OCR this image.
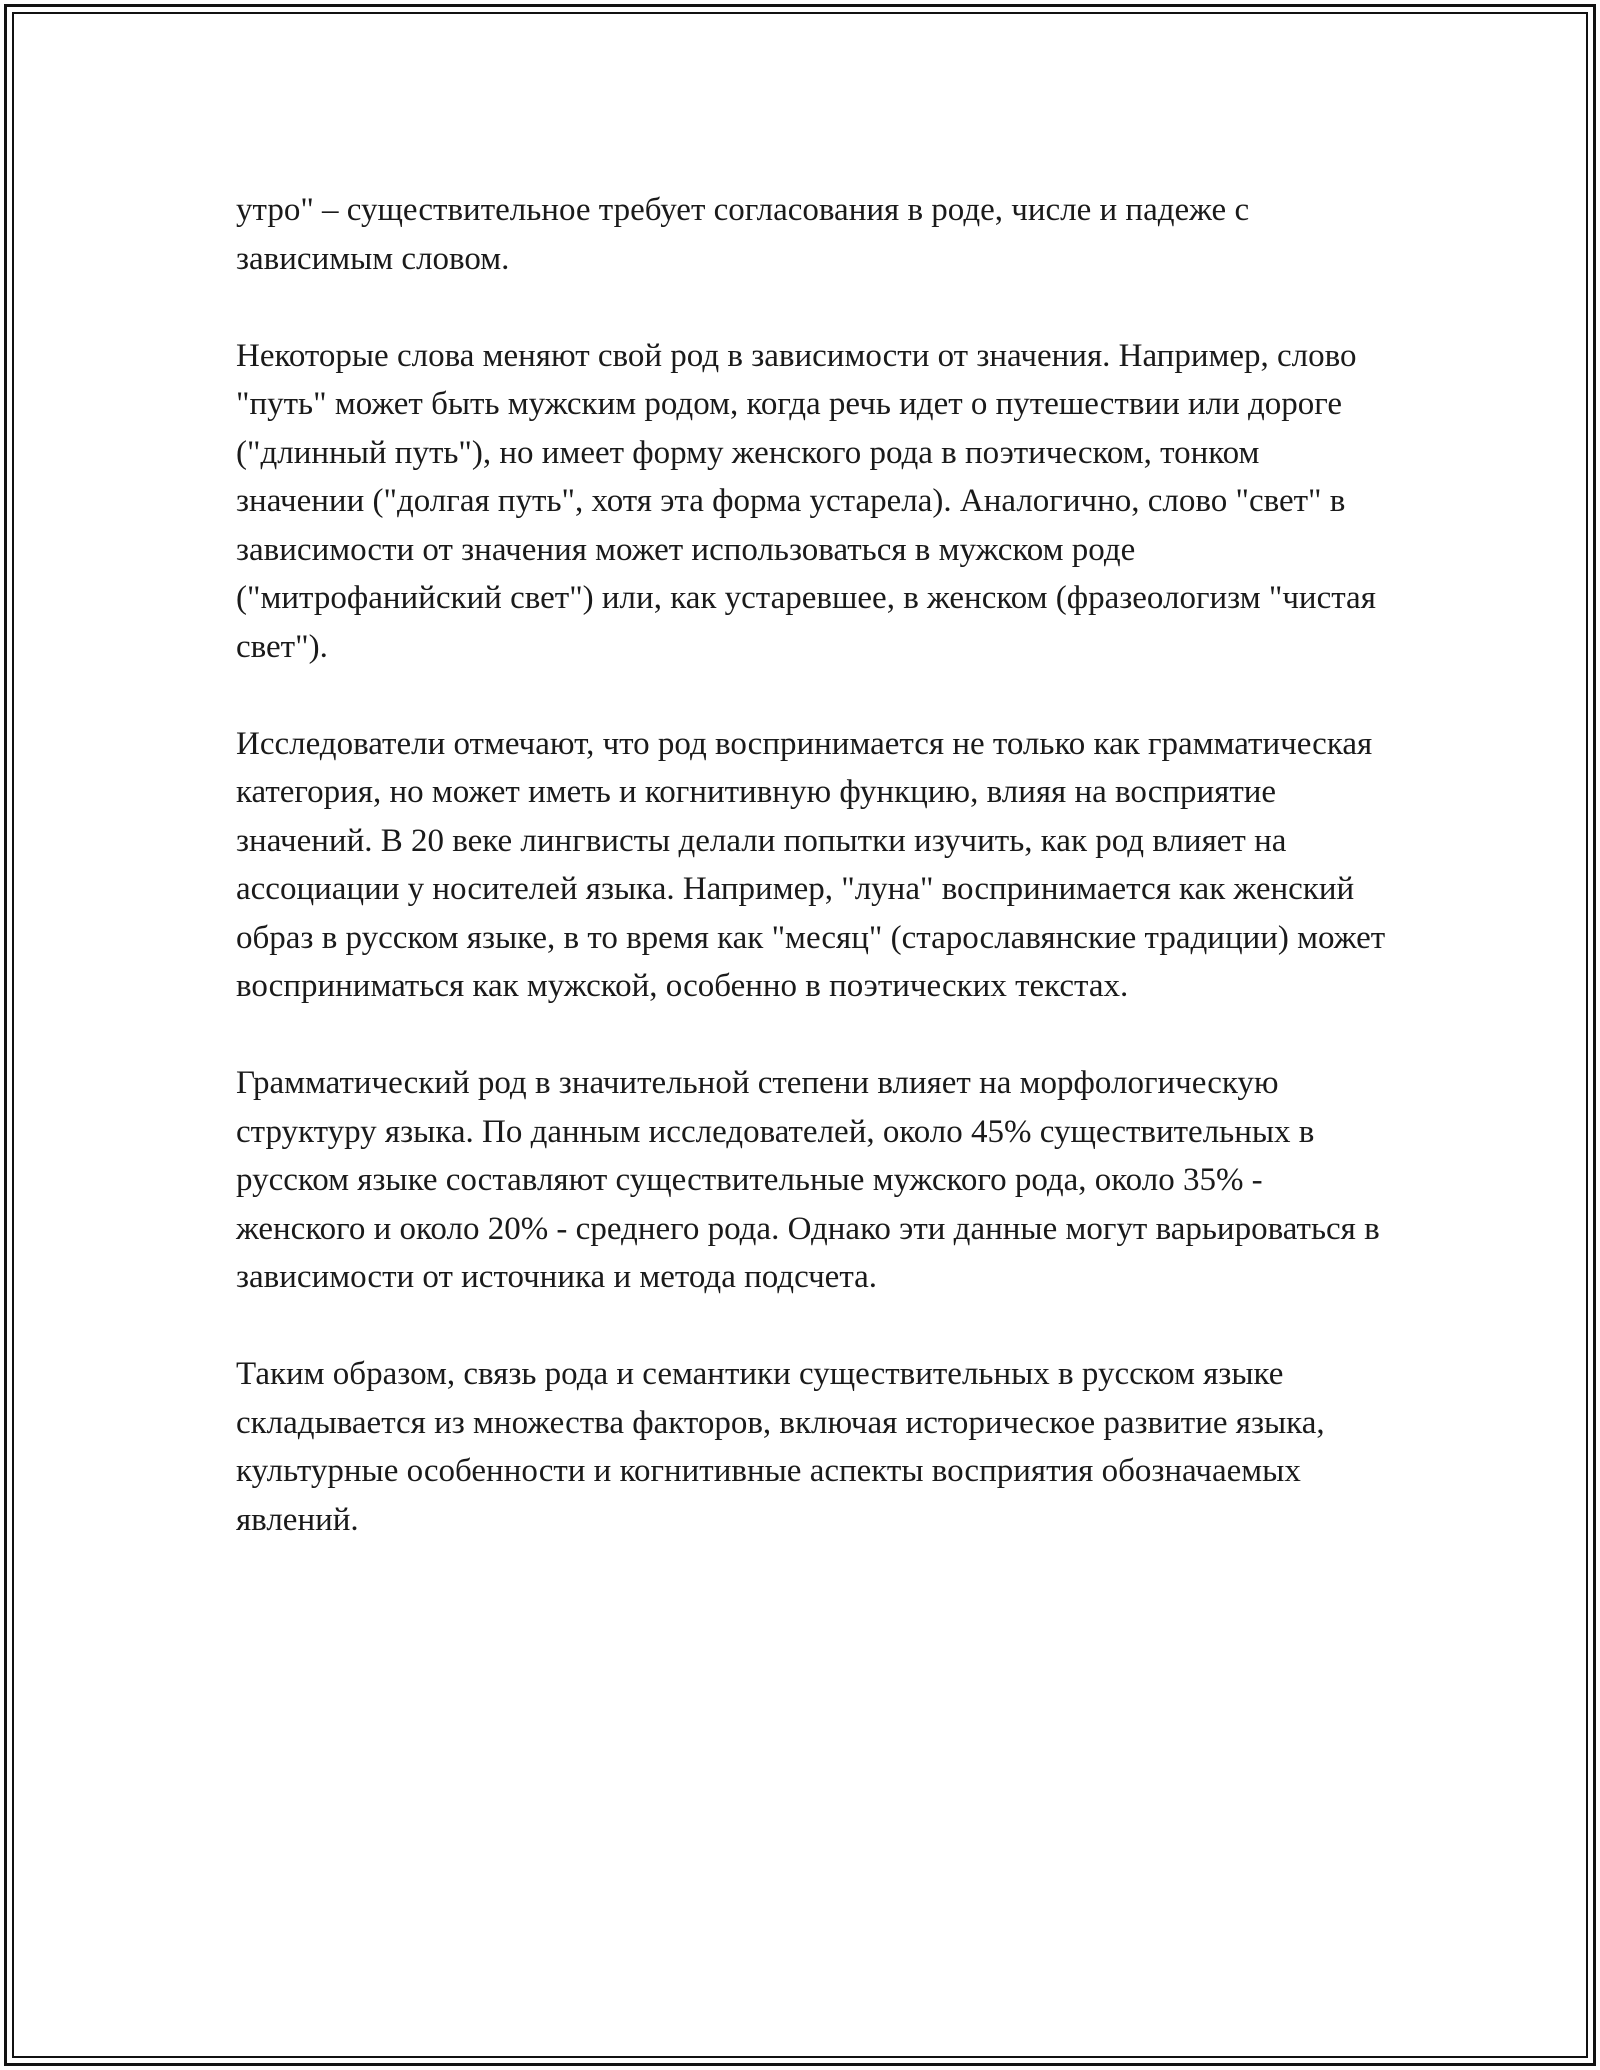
утро" – существительное требует согласования в роде, числе и падеже с зависимым словом.

Некоторые слова меняют свой род в зависимости от значения. Например, слово "путь" может быть мужским родом, когда речь идет о путешествии или дороге ("длинный путь"), но имеет форму женского рода в поэтическом, тонком значении ("долгая путь", хотя эта форма устарела). Аналогично, слово "свет" в зависимости от значения может использоваться в мужском роде ("митрофанийский свет") или, как устаревшее, в женском (фразеологизм "чистая свет").

Исследователи отмечают, что род воспринимается не только как грамматическая категория, но может иметь и когнитивную функцию, влияя на восприятие значений. В 20 веке лингвисты делали попытки изучить, как род влияет на ассоциации у носителей языка. Например, "луна" воспринимается как женский образ в русском языке, в то время как "месяц" (старославянские традиции) может восприниматься как мужской, особенно в поэтических текстах.

Грамматический род в значительной степени влияет на морфологическую структуру языка. По данным исследователей, около 45% существительных в русском языке составляют существительные мужского рода, около 35% - женского и около 20% - среднего рода. Однако эти данные могут варьироваться в зависимости от источника и метода подсчета.

Таким образом, связь рода и семантики существительных в русском языке складывается из множества факторов, включая историческое развитие языка, культурные особенности и когнитивные аспекты восприятия обозначаемых явлений.
